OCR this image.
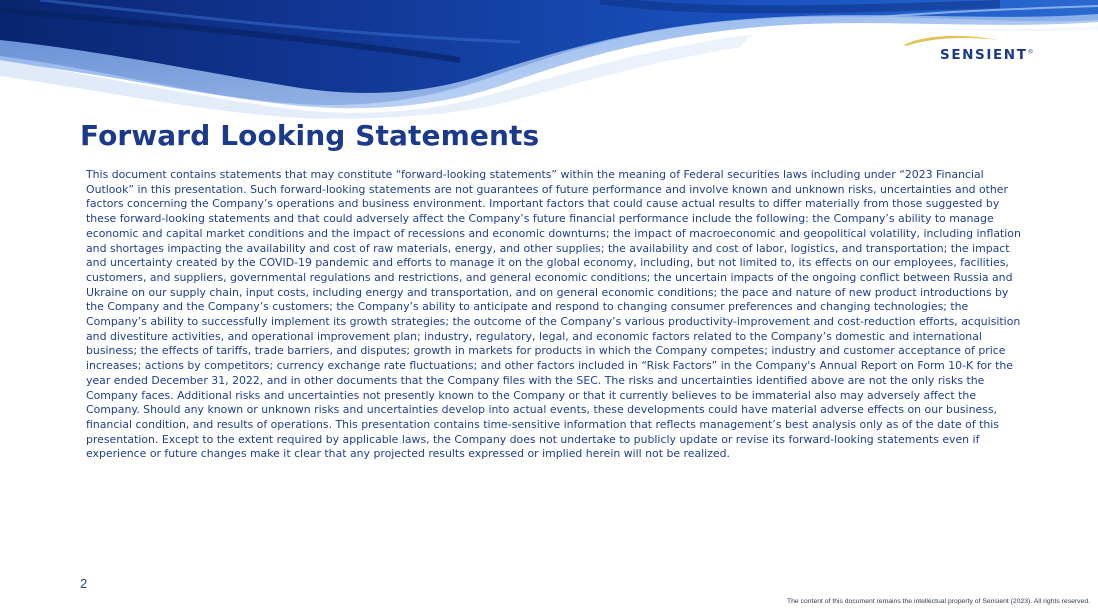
SENSIENT®
Forward Looking Statements

This document contains statements that may constitute “forward-looking statements” within the meaning of Federal securities laws including under “2023 Financial Outlook” in this presentation. Such forward-looking statements are not guarantees of future performance and involve known and unknown risks, uncertainties and other factors concerning the Company’s operations and business environment. Important factors that could cause actual results to differ materially from those suggested by these forward-looking statements and that could adversely affect the Company’s future financial performance include the following: the Company’s ability to manage economic and capital market conditions and the impact of recessions and economic downturns; the impact of macroeconomic and geopolitical volatility, including inflation and shortages impacting the availability and cost of raw materials, energy, and other supplies; the availability and cost of labor, logistics, and transportation; the impact and uncertainty created by the COVID-19 pandemic and efforts to manage it on the global economy, including, but not limited to, its effects on our employees, facilities, customers, and suppliers, governmental regulations and restrictions, and general economic conditions; the uncertain impacts of the ongoing conflict between Russia and Ukraine on our supply chain, input costs, including energy and transportation, and on general economic conditions; the pace and nature of new product introductions by the Company and the Company’s customers; the Company’s ability to anticipate and respond to changing consumer preferences and changing technologies; the Company’s ability to successfully implement its growth strategies; the outcome of the Company’s various productivity-improvement and cost-reduction efforts, acquisition and divestiture activities, and operational improvement plan; industry, regulatory, legal, and economic factors related to the Company’s domestic and international business; the effects of tariffs, trade barriers, and disputes; growth in markets for products in which the Company competes; industry and customer acceptance of price increases; actions by competitors; currency exchange rate fluctuations; and other factors included in “Risk Factors” in the Company's Annual Report on Form 10-K for the year ended December 31, 2022, and in other documents that the Company files with the SEC. The risks and uncertainties identified above are not the only risks the Company faces. Additional risks and uncertainties not presently known to the Company or that it currently believes to be immaterial also may adversely affect the Company. Should any known or unknown risks and uncertainties develop into actual events, these developments could have material adverse effects on our business, financial condition, and results of operations. This presentation contains time-sensitive information that reflects management’s best analysis only as of the date of this presentation. Except to the extent required by applicable laws, the Company does not undertake to publicly update or revise its forward-looking statements even if experience or future changes make it clear that any projected results expressed or implied herein will not be realized.

2
The content of this document remains the intellectual property of Sensient (2023). All rights reserved.
